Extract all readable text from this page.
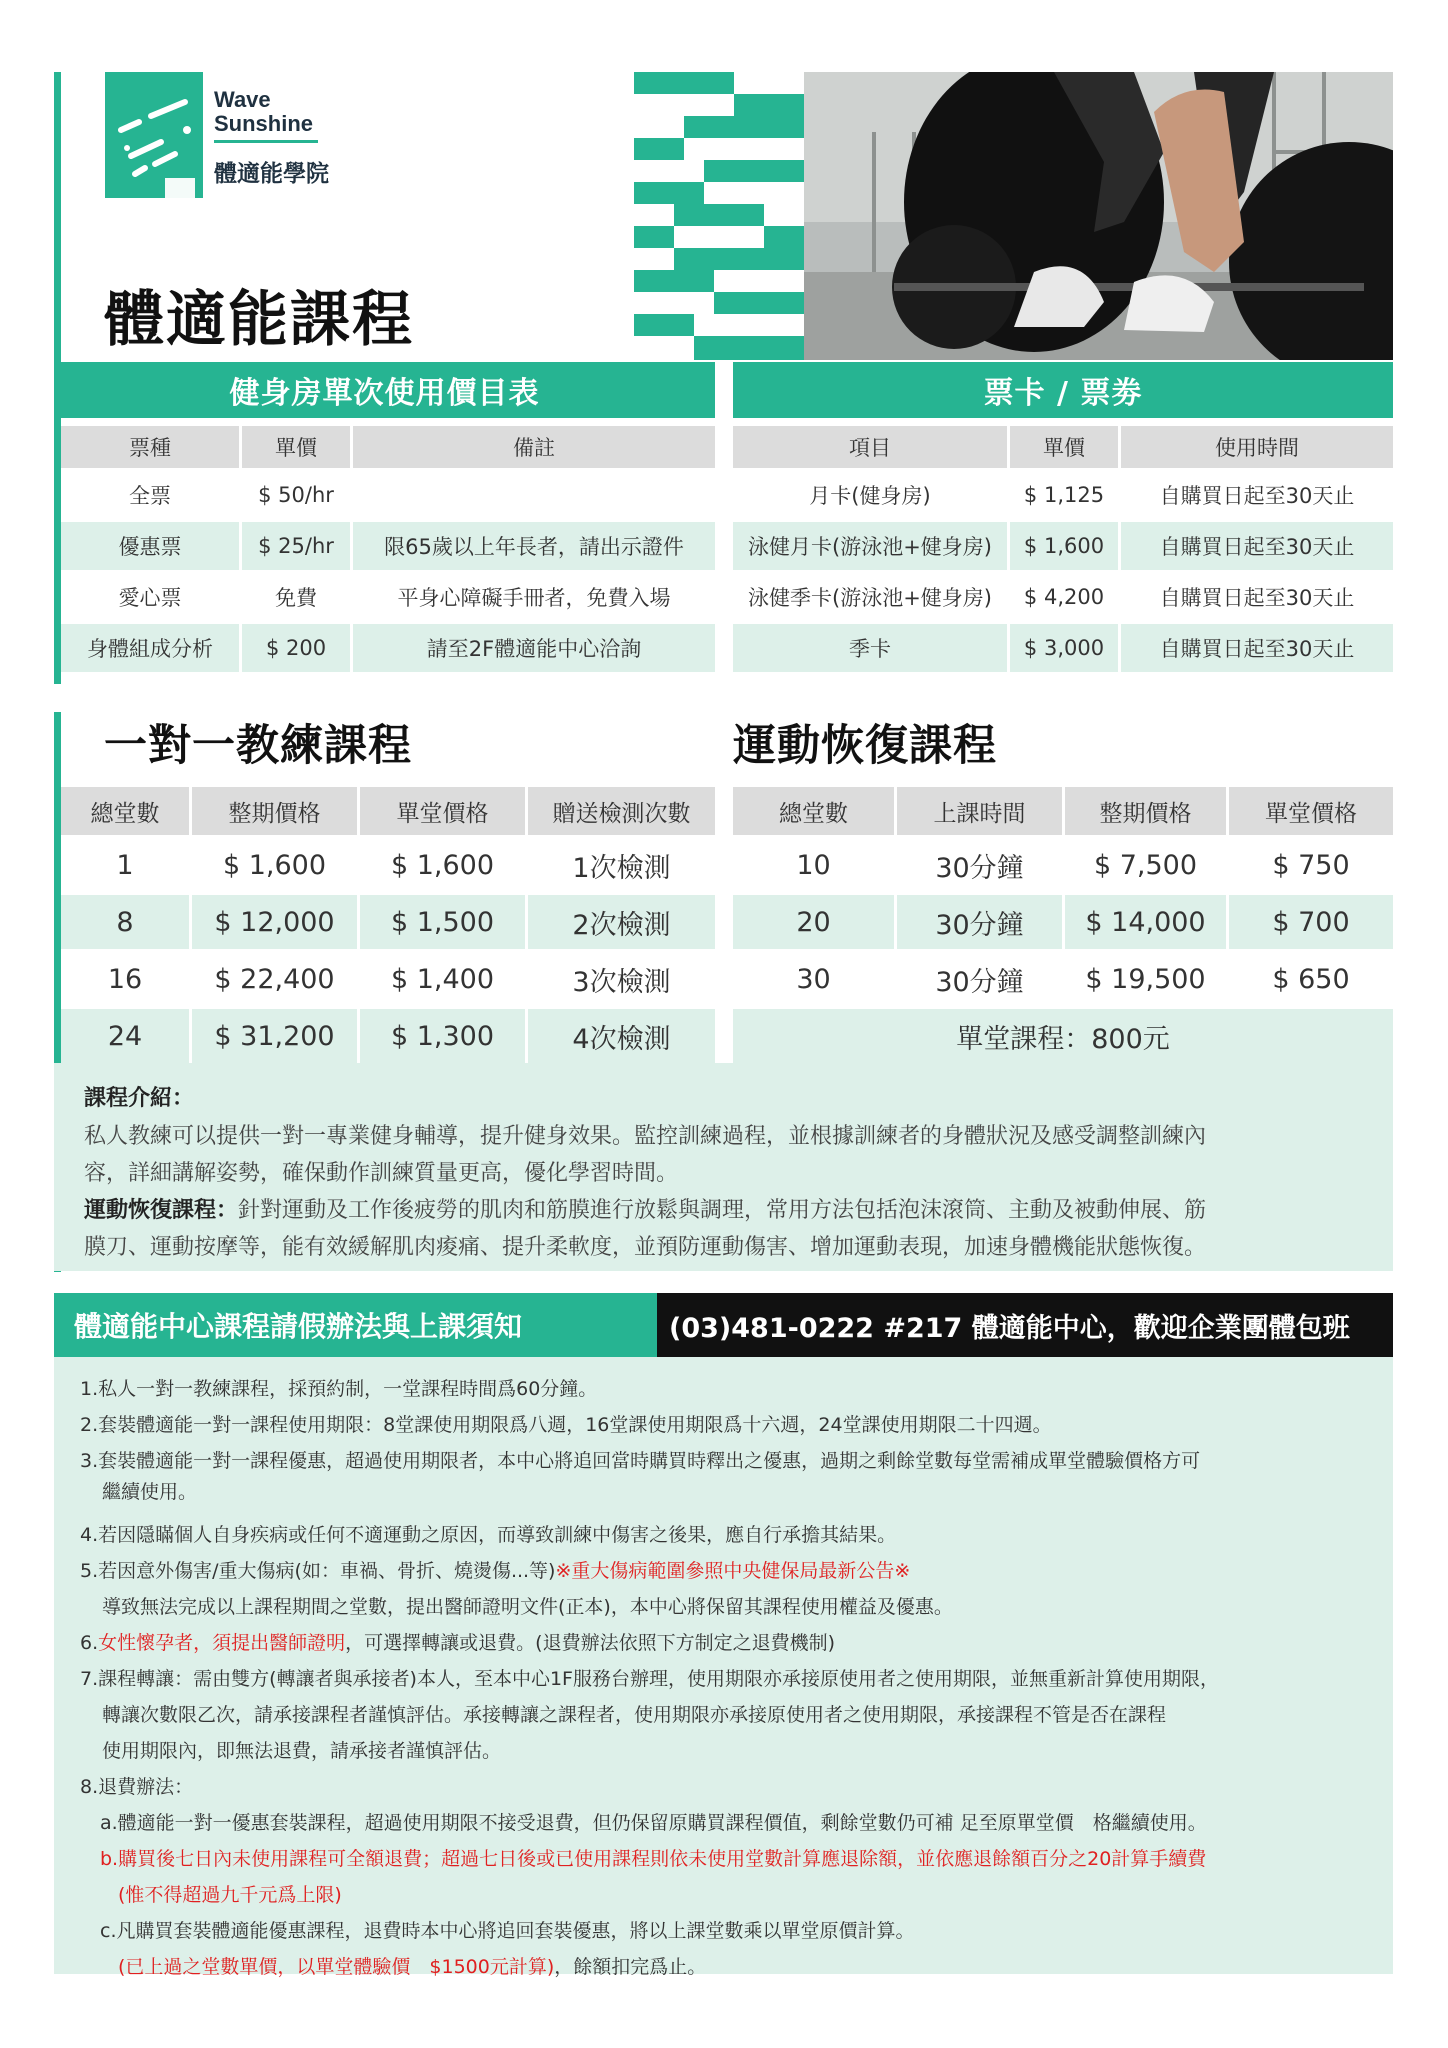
Wave
Sunshine
體適能學院
體適能課程
健身房單次使用價目表
票種	單價	備註
全票	$ 50/hr	
優惠票	$ 25/hr	限65歲以上年長者，請出示證件
愛心票	免費	平身心障礙手冊者，免費入場
身體組成分析	$ 200	請至2F體適能中心洽詢
票卡 / 票劵
項目	單價	使用時間
月卡(健身房)	$ 1,125	自購買日起至30天止
泳健月卡(游泳池+健身房)	$ 1,600	自購買日起至30天止
泳健季卡(游泳池+健身房)	$ 4,200	自購買日起至30天止
季卡	$ 3,000	自購買日起至30天止
一對一教練課程
總堂數	整期價格	單堂價格	贈送檢測次數
1	$ 1,600	$ 1,600	1次檢測
8	$ 12,000	$ 1,500	2次檢測
16	$ 22,400	$ 1,400	3次檢測
24	$ 31,200	$ 1,300	4次檢測
運動恢復課程
總堂數	上課時間	整期價格	單堂價格
10	30分鐘	$ 7,500	$ 750
20	30分鐘	$ 14,000	$ 700
30	30分鐘	$ 19,500	$ 650
單堂課程：800元			
課程介紹：

私人教練可以提供一對一專業健身輔導，提升健身效果。監控訓練過程，並根據訓練者的身體狀況及感受調整訓練內

容，詳細講解姿勢，確保動作訓練質量更高，優化學習時間。

運動恢復課程：針對運動及工作後疲勞的肌肉和筋膜進行放鬆與調理，常用方法包括泡沫滾筒、主動及被動伸展、筋

膜刀、運動按摩等，能有效緩解肌肉痠痛、提升柔軟度，並預防運動傷害、增加運動表現，加速身體機能狀態恢復。

體適能中心課程請假辦法與上課須知	(03)481-0222 #217 體適能中心，歡迎企業團體包班
1.私人一對一教練課程，採預約制，一堂課程時間爲60分鐘。
2.套裝體適能一對一課程使用期限：8堂課使用期限爲八週，16堂課使用期限爲十六週，24堂課使用期限二十四週。
3.套裝體適能一對一課程優惠，超過使用期限者，本中心將追回當時購買時釋出之優惠，過期之剩餘堂數每堂需補成單堂體驗價格方可
繼續使用。
4.若因隱瞞個人自身疾病或任何不適運動之原因，而導致訓練中傷害之後果，應自行承擔其結果。
5.若因意外傷害/重大傷病(如：車禍、骨折、燒燙傷...等)※重大傷病範圍參照中央健保局最新公告※
導致無法完成以上課程期間之堂數，提出醫師證明文件(正本)，本中心將保留其課程使用權益及優惠。
6.女性懷孕者，須提出醫師證明，可選擇轉讓或退費。(退費辦法依照下方制定之退費機制)
7.課程轉讓：需由雙方(轉讓者與承接者)本人，至本中心1F服務台辦理，使用期限亦承接原使用者之使用期限，並無重新計算使用期限，
轉讓次數限乙次，請承接課程者謹慎評估。承接轉讓之課程者，使用期限亦承接原使用者之使用期限，承接課程不管是否在課程
使用期限內，即無法退費，請承接者謹慎評估。
8.退費辦法：
a.體適能一對一優惠套裝課程，超過使用期限不接受退費，但仍保留原購買課程價值，剩餘堂數仍可補 足至原單堂價　格繼續使用。
b.購買後七日內未使用課程可全額退費；超過七日後或已使用課程則依未使用堂數計算應退除額，並依應退餘額百分之20計算手續費
(惟不得超過九千元爲上限)
c.凡購買套裝體適能優惠課程，退費時本中心將追回套裝優惠，將以上課堂數乘以單堂原價計算。
(已上過之堂數單價，以單堂體驗價　$1500元計算)，餘額扣完爲止。
